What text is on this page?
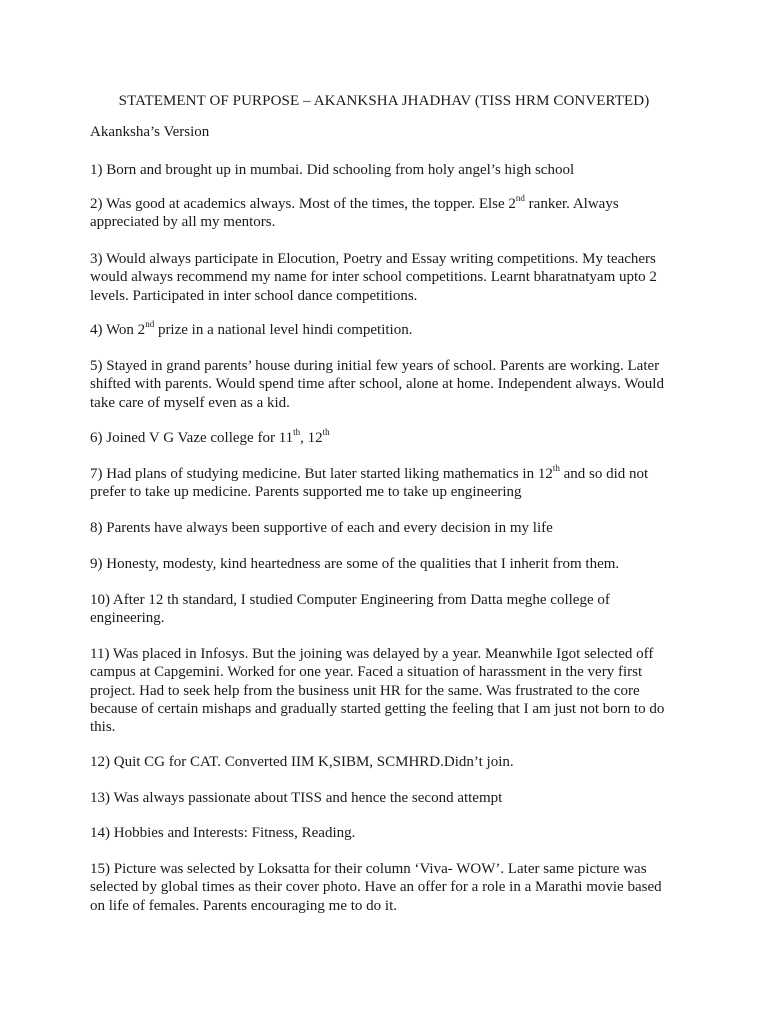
STATEMENT OF PURPOSE – AKANKSHA JHADHAV (TISS HRM CONVERTED)
Akanksha’s Version
1) Born and brought up in mumbai. Did schooling from holy angel’s high school
2) Was good at academics always. Most of the times, the topper. Else 2nd ranker. Always appreciated by all my mentors.
3) Would always participate in Elocution, Poetry and Essay writing competitions. My teachers would always recommend my name for inter school competitions. Learnt bharatnatyam upto 2 levels. Participated in inter school dance competitions.
4) Won 2nd prize in a national level hindi competition.
5) Stayed in grand parents’ house during initial few years of school. Parents are working. Later shifted with parents. Would spend time after school, alone at home. Independent always. Would take care of myself even as a kid.
6) Joined V G Vaze college for 11th, 12th
7) Had plans of studying medicine. But later started liking mathematics in 12th and so did not prefer to take up medicine. Parents supported me to take up engineering
8) Parents have always been supportive of each and every decision in my life
9) Honesty, modesty, kind heartedness are some of the qualities that I inherit from them.
10) After 12 th standard, I studied Computer Engineering from Datta meghe college of engineering.
11) Was placed in Infosys. But the joining was delayed by a year. Meanwhile Igot selected off campus at Capgemini. Worked for one year. Faced a situation of harassment in the very first project. Had to seek help from the business unit HR for the same. Was frustrated to the core because of certain mishaps and gradually started getting the feeling that I am just not born to do this.
12) Quit CG for CAT. Converted IIM K,SIBM, SCMHRD.Didn’t join.
13) Was always passionate about TISS and hence the second attempt
14) Hobbies and Interests: Fitness, Reading.
15) Picture was selected by Loksatta for their column ‘Viva- WOW’. Later same picture was selected by global times as their cover photo. Have an offer for a role in a Marathi movie based on life of females. Parents encouraging me to do it.
